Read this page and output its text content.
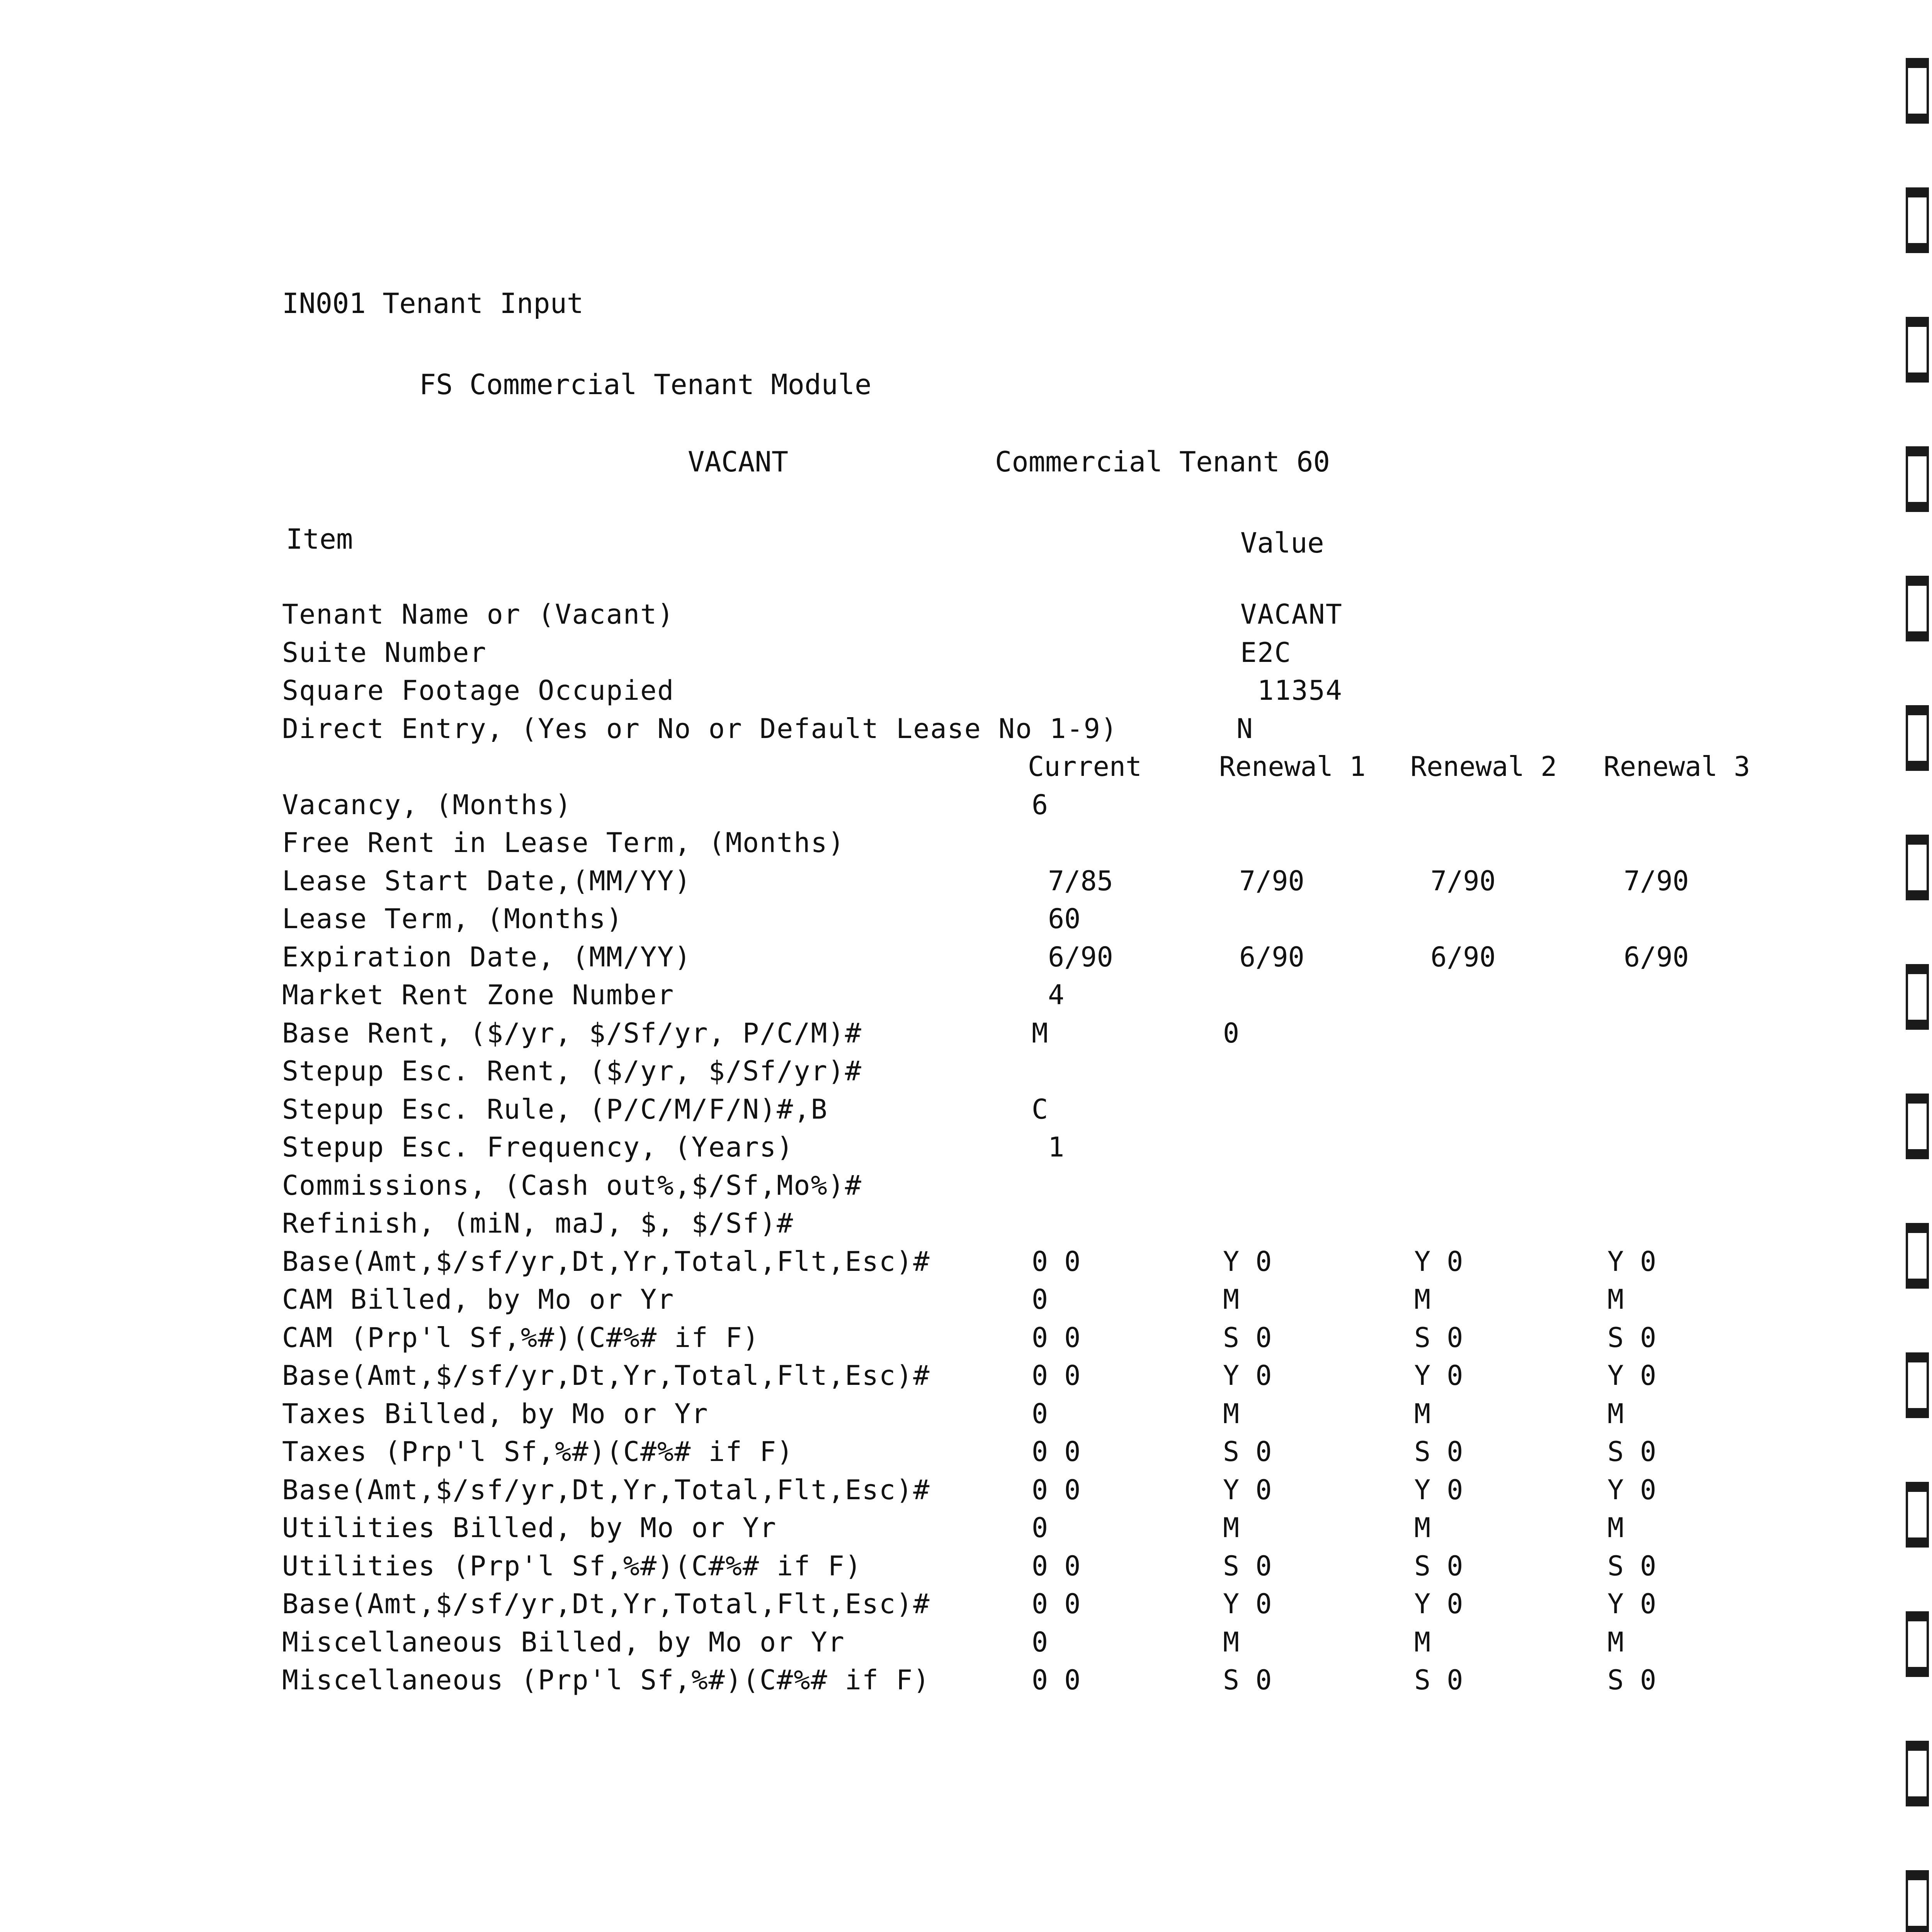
IN001 Tenant Input
FS Commercial Tenant Module
VACANT	Commercial Tenant 60
Item	Value
Tenant Name or (Vacant)	VACANT
Suite Number	E2C
Square Footage Occupied	11354
Direct Entry, (Yes or No or Default Lease No 1-9)	N
Current	Renewal 1 Renewal 2 Renewal 3
Vacancy, (Months)	6
Free Rent in Lease Term, (Months)
Lease Start Date,(MM/YY)	7/85	7/90	7/90	7/90
Lease Term, (Months)	60
Expiration Date, (MM/YY)	6/90	6/90	6/90	6/90
Market Rent Zone Number	4
Base Rent, ($/yr, $/Sf/yr, P/C/M)#	M	0
Stepup Esc. Rent, ($/yr, $/Sf/yr)#
Stepup Esc. Rule, (P/C/M/F/N)#,B	C
Stepup Esc. Frequency, (Years)	1
Commissions, (Cash out%,$/Sf,Mo%)#
Refinish, (miN, maJ, $, $/Sf)#
Base(Amt,$/sf/yr,Dt,Yr,Total,Flt,Esc)#	0 0	Y 0	Y 0	Y 0
CAM Billed, by Mo or Yr	0	M	M	M
CAM (Prp'l Sf,%#)(C#%# if F)	0 0	S 0	S 0	S 0
Base(Amt,$/sf/yr,Dt,Yr,Total,Flt,Esc)#	0 0	Y 0	Y 0	Y 0
Taxes Billed, by Mo or Yr	0	M	M	M
Taxes (Prp'l Sf,%#)(C#%# if F)	0 0	S 0	S 0	S 0
Base(Amt,$/sf/yr,Dt,Yr,Total,Flt,Esc)#	0 0	Y 0	Y 0	Y 0
Utilities Billed, by Mo or Yr	0	M	M	M
Utilities (Prp'l Sf,%#)(C#%# if F)	0 0	S 0	S 0	S 0
Base(Amt,$/sf/yr,Dt,Yr,Total,Flt,Esc)#	0 0	Y 0	Y 0	Y 0
Miscellaneous Billed, by Mo or Yr	0	M	M	M
Miscellaneous (Prp'l Sf,%#)(C#%# if F)	0 0	S 0	S 0	S 0
